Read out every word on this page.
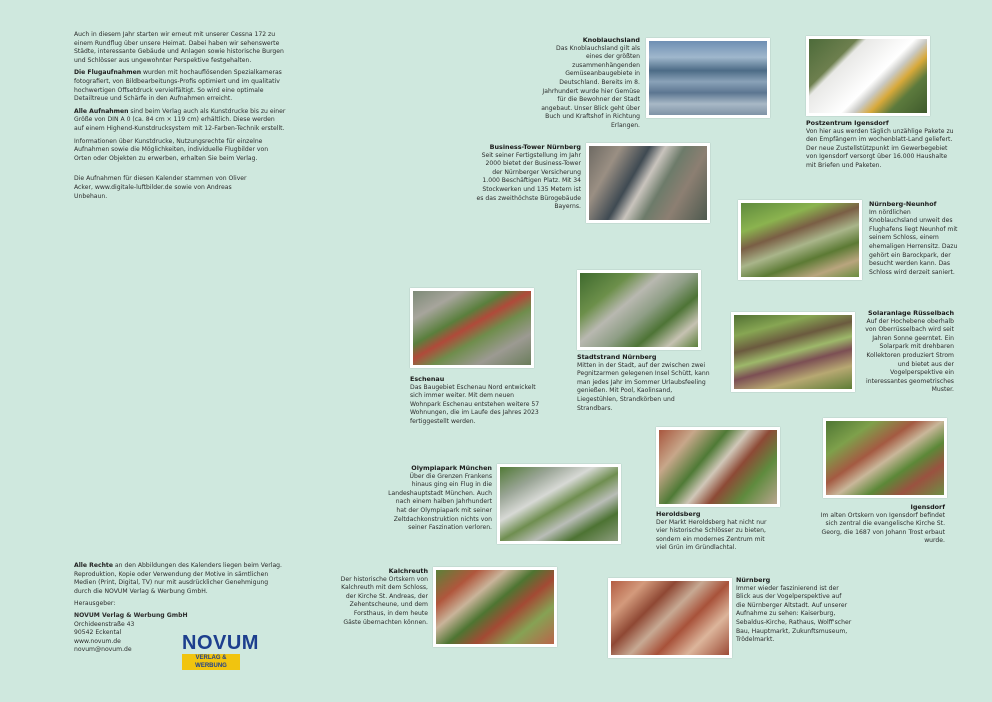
Auch in diesem Jahr starten wir erneut mit unserer Cessna 172 zu einem Rundflug über unsere Heimat. Dabei haben wir sehenswerte Städte, interessante Gebäude und Anlagen sowie historische Burgen und Schlösser aus ungewohnter Perspektive festgehalten.

Die Flugaufnahmen wurden mit hochauflösenden Spezialkameras fotografiert, von Bildbearbeitungs-Profis optimiert und im qualitativ hochwertigen Offsetdruck vervielfältigt. So wird eine optimale Detailtreue und Schärfe in den Aufnahmen erreicht.

Alle Aufnahmen sind beim Verlag auch als Kunstdrucke bis zu einer Größe von DIN A 0 (ca. 84 cm × 119 cm) erhältlich. Diese werden auf einem Highend-Kunstdrucksystem mit 12-Farben-Technik erstellt.

Informationen über Kunstdrucke, Nutzungsrechte für einzelne Aufnahmen sowie die Möglichkeiten, individuelle Flugbilder von Orten oder Objekten zu erwerben, erhalten Sie beim Verlag.

Die Aufnahmen für diesen Kalender stammen von Oliver Acker, www.digitale-luftbilder.de sowie von Andreas Unbehaun.

Alle Rechte an den Abbildungen des Kalenders liegen beim Verlag. Reproduktion, Kopie oder Verwendung der Motive in sämtlichen Medien (Print, Digital, TV) nur mit ausdrücklicher Genehmigung durch die NOVUM Verlag & Werbung GmbH.

Herausgeber:
NOVUM Verlag & Werbung GmbH
Orchideenstraße 43
90542 Eckental
www.novum.de
novum@novum.de	NOVUM
VERLAG & WERBUNG
Knoblauchsland
Das Knoblauchsland gilt als eines der größten zusammenhängenden Gemüseanbaugebiete in Deutschland. Bereits im 8. Jahrhundert wurde hier Gemüse für die Bewohner der Stadt angebaut. Unser Blick geht über Buch und Kraftshof in Richtung Erlangen.	Postzentrum Igensdorf
Von hier aus werden täglich unzählige Pakete zu den Empfängern im wochenblatt-Land geliefert. Der neue Zustellstützpunkt im Gewerbegebiet von Igensdorf versorgt über 16.000 Haushalte mit Briefen und Paketen.
Business-Tower Nürnberg
Seit seiner Fertigstellung im Jahr 2000 bietet der Business-Tower der Nürnberger Versicherung 1.000 Beschäftigen Platz. Mit 34 Stockwerken und 135 Metern ist es das zweithöchste Bürogebäude Bayerns.	Nürnberg-Neunhof
Im nördlichen Knoblauchsland unweit des Flughafens liegt Neunhof mit seinem Schloss, einem ehemaligen Herrensitz. Dazu gehört ein Barockpark, der besucht werden kann. Das Schloss wird derzeit saniert.
Solaranlage Rüsselbach
Auf der Hochebene oberhalb von Oberrüsselbach wird seit Jahren Sonne geerntet. Ein Solarpark mit drehbaren Kollektoren produziert Strom und bietet aus der Vogelperspektive ein interessantes geometrisches Muster.
Stadtstrand Nürnberg
Mitten in der Stadt, auf der zwischen zwei Pegnitzarmen gelegenen Insel Schütt, kann man jedes Jahr im Sommer Urlaubsfeeling genießen. Mit Pool, Kaolinsand, Liegestühlen, Strandkörben und Strandbars.
Eschenau
Das Baugebiet Eschenau Nord entwickelt sich immer weiter. Mit dem neuen Wohnpark Eschenau entstehen weitere 57 Wohnungen, die im Laufe des Jahres 2023 fertiggestellt werden.
Olympiapark München
Über die Grenzen Frankens hinaus ging ein Flug in die Landeshauptstadt München. Auch nach einem halben Jahrhundert hat der Olympiapark mit seiner Zeltdachkonstruktion nichts von seiner Faszination verloren.
Heroldsberg
Der Markt Heroldsberg hat nicht nur vier historische Schlösser zu bieten, sondern ein modernes Zentrum mit viel Grün im Gründlachtal.
Igensdorf
Im alten Ortskern von Igensdorf befindet sich zentral die evangelische Kirche St. Georg, die 1687 von Johann Trost erbaut wurde.
Kalchreuth
Der historische Ortskern von Kalchreuth mit dem Schloss, der Kirche St. Andreas, der Zehentscheune, und dem Forsthaus, in dem heute Gäste übernachten können.
Nürnberg
Immer wieder faszinierend ist der Blick aus der Vogelperspektive auf die Nürnberger Altstadt. Auf unserer Aufnahme zu sehen: Kaiserburg, Sebaldus-Kirche, Rathaus, Wolff'scher Bau, Hauptmarkt, Zukunftsmuseum, Trödelmarkt.
